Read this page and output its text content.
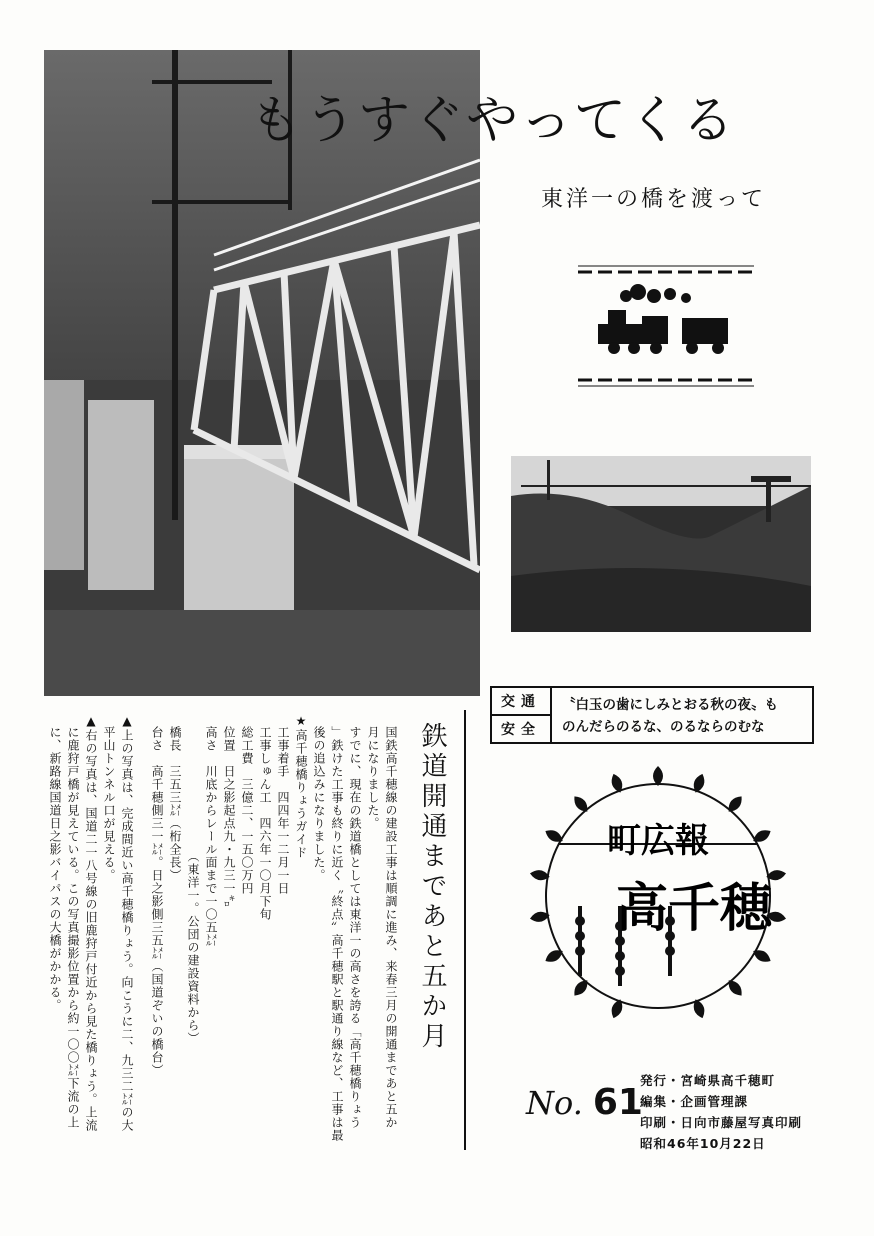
もうすぐやってくる
東洋一の橋を渡って
交通
安全
〝白玉の歯にしみとおる秋の夜〟も
のんだらのるな、のるならのむな
鉄道開通まであと五か月
国鉄高千穂線の建設工事は順調に進み、来春三月の開通まであと五か
月になりました。
すでに、現在の鉄道橋としては東洋一の高さを誇る「高千穂橋りょう
」鉄けた工事も終りに近く〝終点〟高千穂駅と駅通り線など、工事は最
後の追込みになりました。
★高千穂橋りょうガイド
工事着手　四四年一二月一日
工事しゅん工　四六年一〇月下旬
総工費　三億二、一五〇万円
位置　日之影起点九・九三一㌔
高さ　川底からレール面まで一〇五㍍
（東洋一。公団の建設資料から）
橋長　三五三㍍（桁全長）
台さ　高千穂側三一㍍。日之影側三五㍍（国道ぞいの橋台）
▲上の写真は、完成間近い高千穂橋りょう。向こうに二、九三二㍍の大
平山トンネル口が見える。
▲右の写真は、国道二一八号線の旧鹿狩戸付近から見た橋りょう。上流
に鹿狩戸橋が見えている。この写真撮影位置から約一〇〇㍍下流の上
に、新路線国道日之影バイパスの大橋がかかる。	町広報
高千穂
No. 61
発行・宮崎県高千穂町
編集・企画管理課
印刷・日向市藤屋写真印刷
昭和46年10月22日
